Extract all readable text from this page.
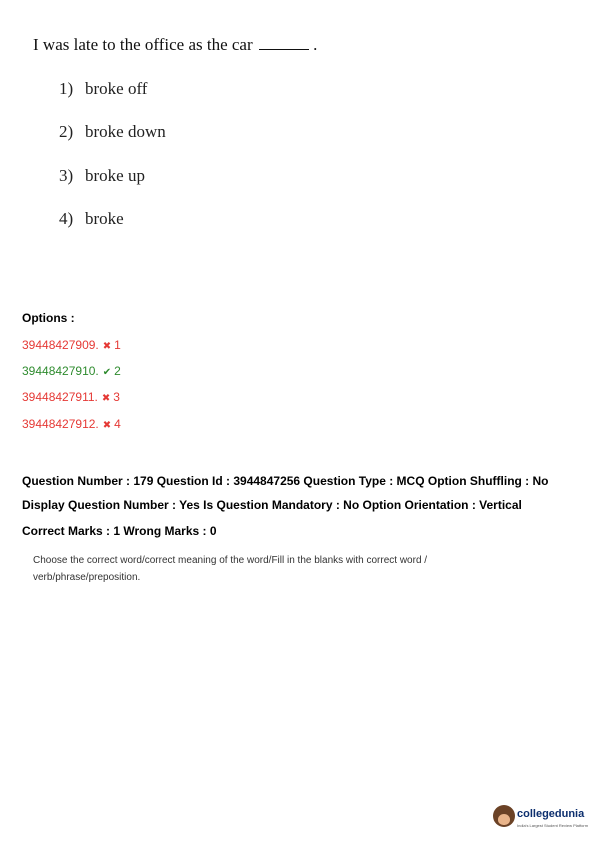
I was late to the office as the car	.
1) broke off
2) broke down
3) broke up
4) broke
Options :
39448427909. ✖ 1
39448427910. ✔ 2
39448427911. ✖ 3
39448427912. ✖ 4
Question Number : 179 Question Id : 3944847256 Question Type : MCQ Option Shuffling : No
Display Question Number : Yes Is Question Mandatory : No Option Orientation : Vertical
Correct Marks : 1 Wrong Marks : 0
Choose the correct word/correct meaning of the word/Fill in the blanks with correct word / verb/phrase/preposition.
collegedunia
India's Largest Student Review Platform
